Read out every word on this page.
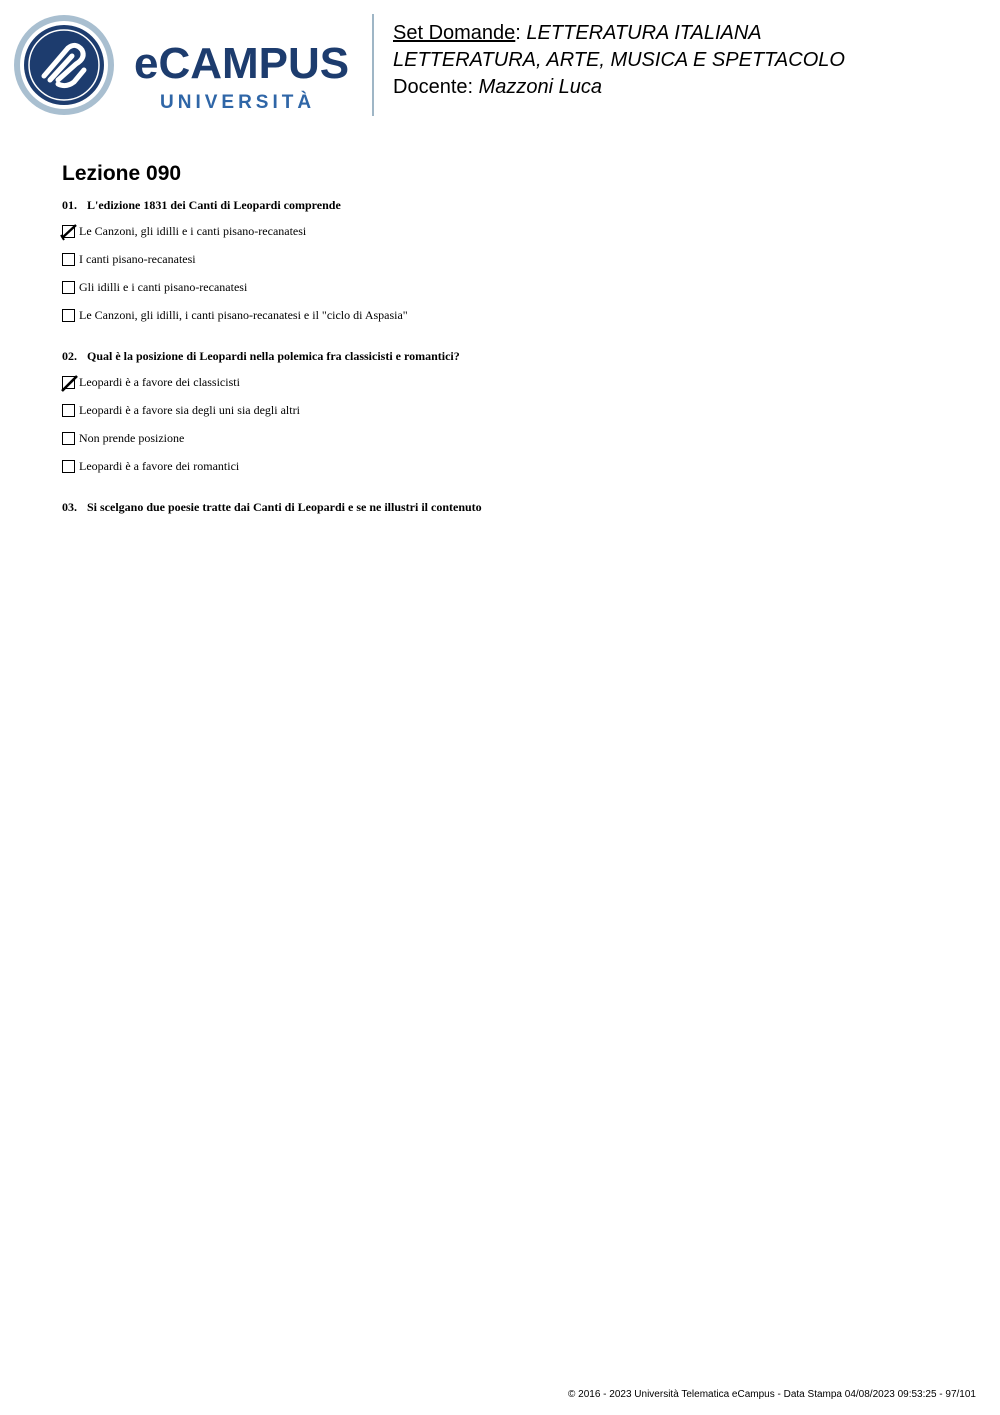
eCAMPUS
UNIVERSITÀ
Set Domande: LETTERATURA ITALIANA
LETTERATURA, ARTE, MUSICA E SPETTACOLO
Docente: Mazzoni Luca
Lezione 090
01. L'edizione 1831 dei Canti di Leopardi comprende
Le Canzoni, gli idilli e i canti pisano-recanatesi
I canti pisano-recanatesi
Gli idilli e i canti pisano-recanatesi
Le Canzoni, gli idilli, i canti pisano-recanatesi e il "ciclo di Aspasia"
02. Qual è la posizione di Leopardi nella polemica fra classicisti e romantici?
Leopardi è a favore dei classicisti
Leopardi è a favore sia degli uni sia degli altri
Non prende posizione
Leopardi è a favore dei romantici
03. Si scelgano due poesie tratte dai Canti di Leopardi e se ne illustri il contenuto
© 2016 - 2023 Università Telematica eCampus - Data Stampa 04/08/2023 09:53:25 - 97/101
